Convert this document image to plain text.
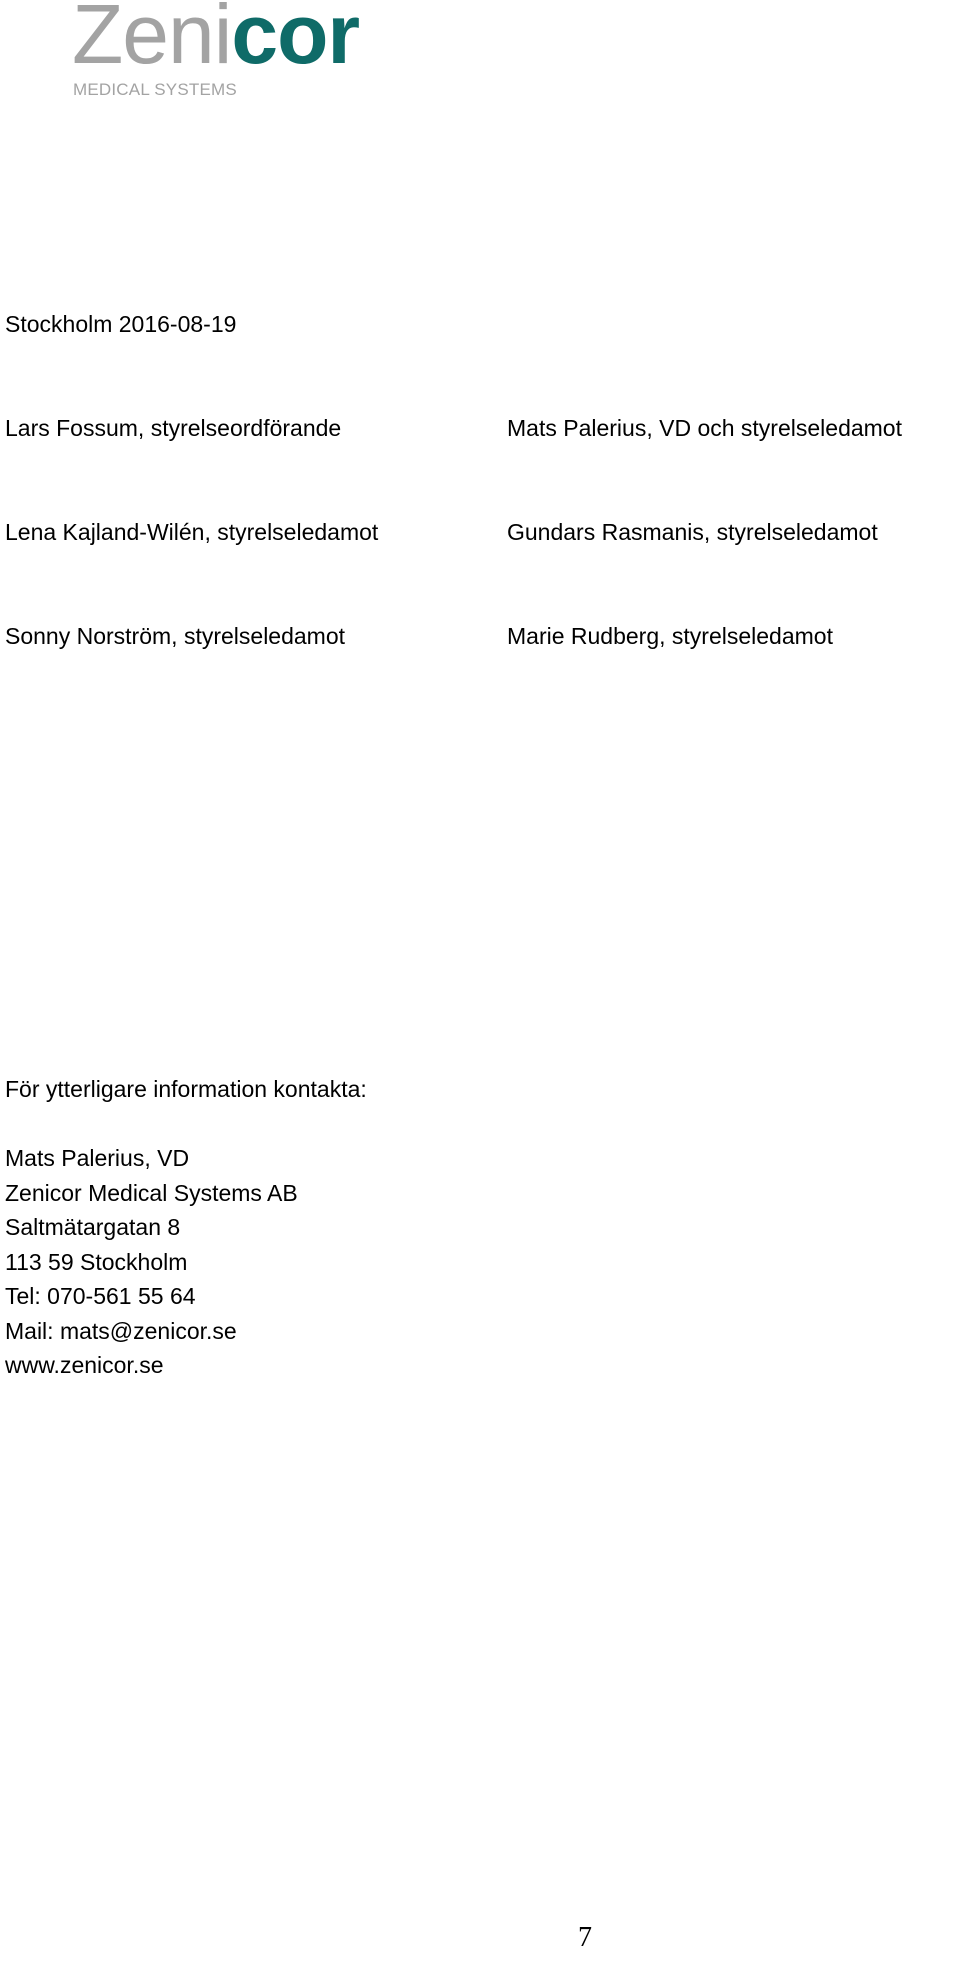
Zenicor
MEDICAL SYSTEMS
Stockholm 2016-08-19
Lars Fossum, styrelseordförande	Mats Palerius, VD och styrelseledamot
Lena Kajland-Wilén, styrelseledamot	Gundars Rasmanis, styrelseledamot
Sonny Norström, styrelseledamot	Marie Rudberg, styrelseledamot
För ytterligare information kontakta:
Mats Palerius, VD
Zenicor Medical Systems AB
Saltmätargatan 8
113 59 Stockholm
Tel: 070-561 55 64
Mail: mats@zenicor.se
www.zenicor.se
7
